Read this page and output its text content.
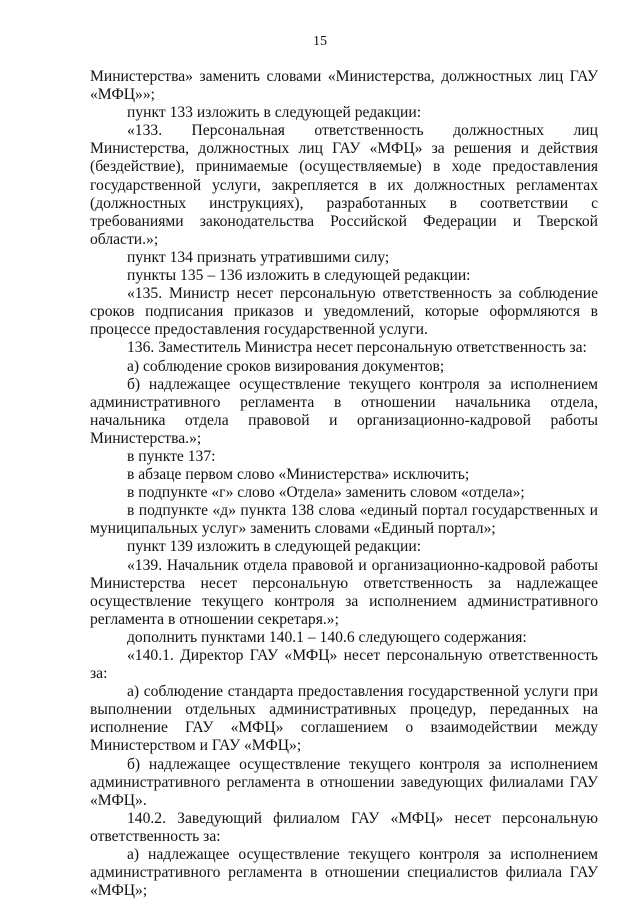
15

Министерства» заменить словами «Министерства, должностных лиц ГАУ «МФЦ»»;

пункт 133 изложить в следующей редакции:

«133. Персональная ответственность должностных лиц Министерства, должностных лиц ГАУ «МФЦ» за решения и действия (бездействие), принимаемые (осуществляемые) в ходе предоставления государственной услуги, закрепляется в их должностных регламентах (должностных инструкциях), разработанных в соответствии с требованиями законодательства Российской Федерации и Тверской области.»;

пункт 134 признать утратившими силу;

пункты 135 – 136 изложить в следующей редакции:

«135. Министр несет персональную ответственность за соблюдение сроков подписания приказов и уведомлений, которые оформляются в процессе предоставления государственной услуги.

136. Заместитель Министра несет персональную ответственность за:

а) соблюдение сроков визирования документов;

б) надлежащее осуществление текущего контроля за исполнением административного регламента в отношении начальника отдела, начальника отдела правовой и организационно-кадровой работы Министерства.»;

в пункте 137:

в абзаце первом слово «Министерства» исключить;

в подпункте «г» слово «Отдела» заменить словом «отдела»;

в подпункте «д» пункта 138 слова «единый портал государственных и муниципальных услуг» заменить словами «Единый портал»;

пункт 139 изложить в следующей редакции:

«139. Начальник отдела правовой и организационно-кадровой работы Министерства несет персональную ответственность за надлежащее осуществление текущего контроля за исполнением административного регламента в отношении секретаря.»;

дополнить пунктами 140.1 – 140.6 следующего содержания:

«140.1. Директор ГАУ «МФЦ» несет персональную ответственность за:

а) соблюдение стандарта предоставления государственной услуги при выполнении отдельных административных процедур, переданных на исполнение ГАУ «МФЦ» соглашением о взаимодействии между Министерством и ГАУ «МФЦ»;

б) надлежащее осуществление текущего контроля за исполнением административного регламента в отношении заведующих филиалами ГАУ «МФЦ».

140.2. Заведующий филиалом ГАУ «МФЦ» несет персональную ответственность за:

а) надлежащее осуществление текущего контроля за исполнением административного регламента в отношении специалистов филиала ГАУ «МФЦ»;
